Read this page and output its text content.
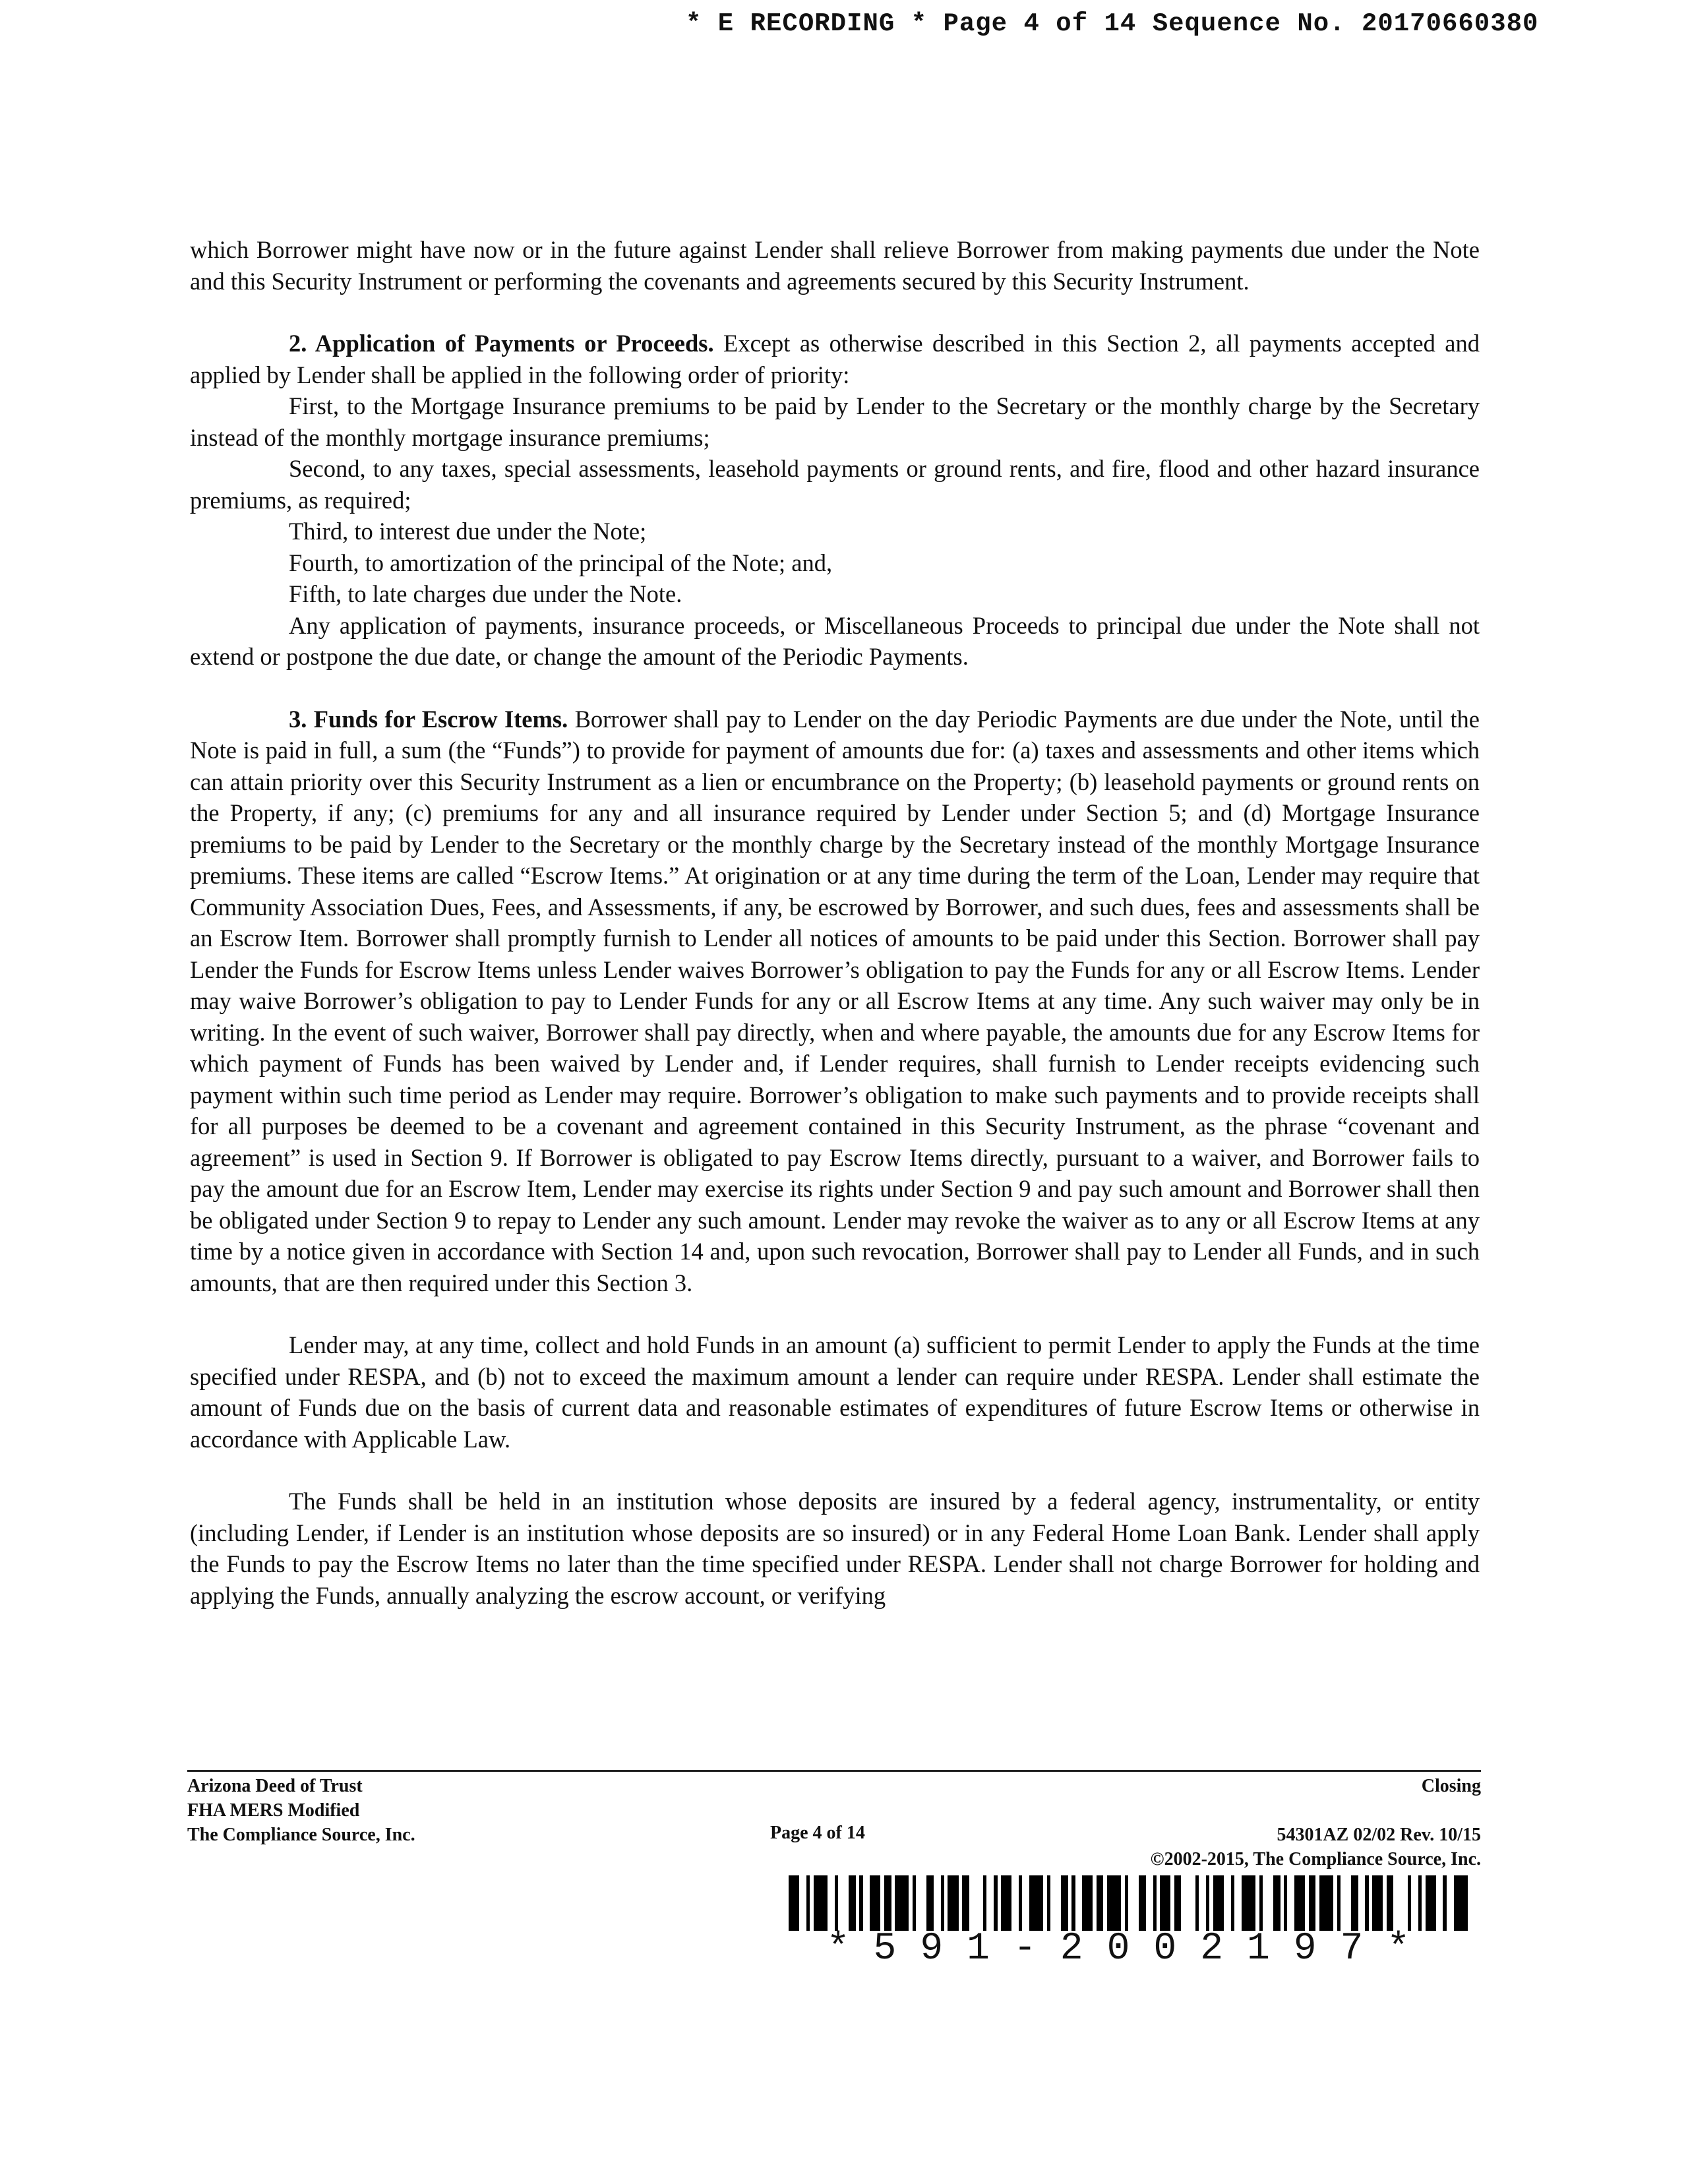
* E RECORDING * Page 4 of 14 Sequence No. 20170660380

which Borrower might have now or in the future against Lender shall relieve Borrower from making payments due under the Note and this Security Instrument or performing the covenants and agreements secured by this Security Instrument.

2. Application of Payments or Proceeds. Except as otherwise described in this Section 2, all payments accepted and applied by Lender shall be applied in the following order of priority:

First, to the Mortgage Insurance premiums to be paid by Lender to the Secretary or the monthly charge by the Secretary instead of the monthly mortgage insurance premiums;

Second, to any taxes, special assessments, leasehold payments or ground rents, and fire, flood and other hazard insurance premiums, as required;

Third, to interest due under the Note;

Fourth, to amortization of the principal of the Note; and,

Fifth, to late charges due under the Note.

Any application of payments, insurance proceeds, or Miscellaneous Proceeds to principal due under the Note shall not extend or postpone the due date, or change the amount of the Periodic Payments.

3. Funds for Escrow Items. Borrower shall pay to Lender on the day Periodic Payments are due under the Note, until the Note is paid in full, a sum (the “Funds”) to provide for payment of amounts due for: (a) taxes and assessments and other items which can attain priority over this Security Instrument as a lien or encumbrance on the Property; (b) leasehold payments or ground rents on the Property, if any; (c) premiums for any and all insurance required by Lender under Section 5; and (d) Mortgage Insurance premiums to be paid by Lender to the Secretary or the monthly charge by the Secretary instead of the monthly Mortgage Insurance premiums. These items are called “Escrow Items.” At origination or at any time during the term of the Loan, Lender may require that Community Association Dues, Fees, and Assessments, if any, be escrowed by Borrower, and such dues, fees and assessments shall be an Escrow Item. Borrower shall promptly furnish to Lender all notices of amounts to be paid under this Section. Borrower shall pay Lender the Funds for Escrow Items unless Lender waives Borrower’s obligation to pay the Funds for any or all Escrow Items. Lender may waive Borrower’s obligation to pay to Lender Funds for any or all Escrow Items at any time. Any such waiver may only be in writing. In the event of such waiver, Borrower shall pay directly, when and where payable, the amounts due for any Escrow Items for which payment of Funds has been waived by Lender and, if Lender requires, shall furnish to Lender receipts evidencing such payment within such time period as Lender may require. Borrower’s obligation to make such payments and to provide receipts shall for all purposes be deemed to be a covenant and agreement contained in this Security Instrument, as the phrase “covenant and agreement” is used in Section 9. If Borrower is obligated to pay Escrow Items directly, pursuant to a waiver, and Borrower fails to pay the amount due for an Escrow Item, Lender may exercise its rights under Section 9 and pay such amount and Borrower shall then be obligated under Section 9 to repay to Lender any such amount. Lender may revoke the waiver as to any or all Escrow Items at any time by a notice given in accordance with Section 14 and, upon such revocation, Borrower shall pay to Lender all Funds, and in such amounts, that are then required under this Section 3.

Lender may, at any time, collect and hold Funds in an amount (a) sufficient to permit Lender to apply the Funds at the time specified under RESPA, and (b) not to exceed the maximum amount a lender can require under RESPA. Lender shall estimate the amount of Funds due on the basis of current data and reasonable estimates of expenditures of future Escrow Items or otherwise in accordance with Applicable Law.

The Funds shall be held in an institution whose deposits are insured by a federal agency, instrumentality, or entity (including Lender, if Lender is an institution whose deposits are so insured) or in any Federal Home Loan Bank. Lender shall apply the Funds to pay the Escrow Items no later than the time specified under RESPA. Lender shall not charge Borrower for holding and applying the Funds, annually analyzing the escrow account, or verifying

Arizona Deed of Trust
FHA MERS Modified
The Compliance Source, Inc.
Closing
Page 4 of 14	54301AZ 02/02 Rev. 10/15
©2002-2015, The Compliance Source, Inc.
*591-2002197*
